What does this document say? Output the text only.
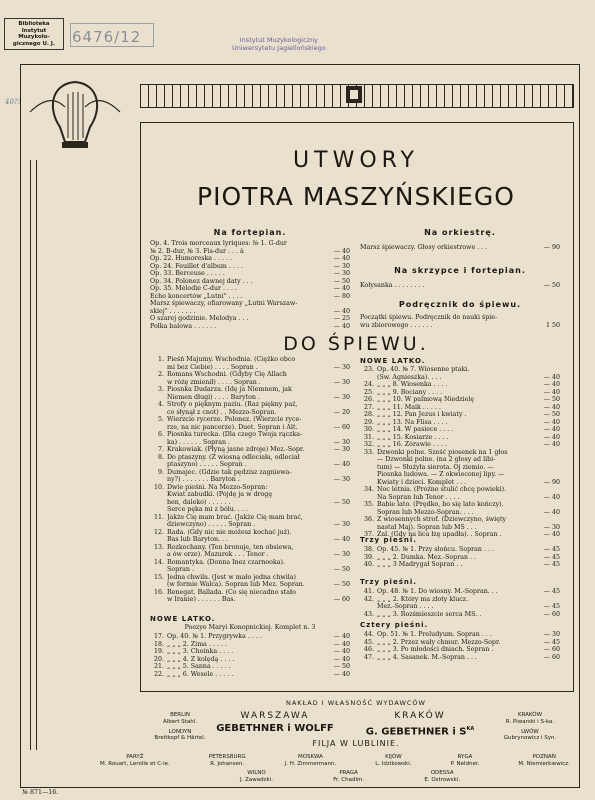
Biblioteka
Instytut
Muzykolo-
gicznego U. J.	6476/12	Instytut Muzykologiczny
Uniwersytetu Jagiellońskiego
40??
UTWORY
PIOTRA MASZYŃSKIEGO
Na fortepian.
Op. 4. Trois morceaux lyriques: № 1. G-dur
№ 2. B-dur, № 3. Fis-dur . . . à	— 40
Op. 22. Humoreska . . . . .	— 40
Op. 24. Feuillet d'album . . . .	— 30
Op. 33. Berceuse . . . . .	— 30
Op. 34. Polonez dawnej daty . . .	— 50
Op. 35. Mélodie C-dur . . . .	— 40
Echo koncertów „Lutni" . . . .	— 80
Marsz śpiewaczy, ofiarowany „Lutni Warszaw-
skiej" . . . . . . .	— 40
O szarej godzinie. Melodya . . .	— 25
Polka balowa . . . . . .	— 40
Na orkiestrę.
Marsz śpiewaczy. Głosy orkiestrowe . . .	— 90
Na skrzypce i fortepian.
Kołysanka . . . . . . . .	— 50
Podręcznik do śpiewu.
Początki śpiewu. Podręcznik do nauki śpie-
wu zbiorowego . . . . . .	1 50
DO ŚPIEWU.
1. Pieśń Majumy. Wschodnia. (Ciężko obco
mi bez Ciebie) . . . . Sopran .	— 30
2. Romans Wschodni. (Gdyby Cię Allach
w różę zmienił) . . . . Sopran .	— 30
3. Piosnka Dudarza. (Idę ja Niemnem, jak
Niemen długi) . . . . Baryton .	— 30
4. Strofy o pięknym paziu. (Raz piękny paź,
co słynął z cnót) . . Mezzo-Sopran.	— 20
5. Wierzcie rycerze. Polonez. (Wierzcie ryce-
rze, na nic pancerze). Duet. Sopran i Alt.	— 60
6. Piosnka turecka. (Dla czego Twoja rączka-
ka) . . . . . . Sopran .	— 30
7. Krakowiak. (Płyną jasne zdroje) Mez.-Sopr.	— 30
8. Do ptaszyny. (Z wiosną odleciała, odleciał
ptaszyno) . . . . . Sopran .	— 40
9. Dumajec. (Gdzie tak pędzisz zagniewa-
ny?) . . . . . . . Baryton .	— 30
10. Dwie pieśni. Na Mezzo-Sopran:
Kwiat zabudki. (Pójdę ja w drogę
hen, daleko) . . . . . .	— 50
Serce pęka mi z bólu. . . .
11. Jakże Cię mam brać. (Jakże Cię mam brać,
dziewczyno) . . . . . Sopran .	— 30
12. Rada. (Gdy nic nie możesz kochać już).
Bas lub Baryton. . .	— 40
13. Rozkochany. (Ten bronuje, ten obsiewa,
a ów orze). Mazurek . . . Tenor .	— 30
14. Romantyka. (Donna Inez czarnooka).
Sopran .	— 50
15. Jedna chwila. (Jest w mało jedna chwila)
(w formie Walca). Sopran lub Mez. Sopran.	— 50
16. Renegat. Ballada. (Co się niecadno stało
w Iranie) . . . . . . Bas.	— 60
NOWE LATKO.
Poezye Maryi Konopnickiej. Komplet n. 3
17. Op. 40. № 1. Przygrywka . . . .	— 40
18. „ „ „ 2. Zima . . . . .	— 40
19. „ „ „ 3. Choinka . . . .	— 40
20. „ „ „ 4. Z kolędą . . . .	— 40
21. „ „ „ 5. Sanna . . . . .	— 50
22. „ „ „ 6. Wesele . . . . .	— 40
NOWE LATKO.
23. Op. 40. № 7. Wiosenne ptaki.
(Św. Agnieszka). . . .	— 40
24. „ „ „ 8. Wiosenka . . . .	— 40
25. „ „ „ 9. Bociany . . . .	— 40
26. „ „ „ 10. W palmową Niedzielę	— 50
27. „ „ „ 11. Maik . . . . .	— 40
28. „ „ „ 12. Pan Jezus i kwiaty .	— 50
29. „ „ „ 13. Na Flisa . . . .	— 40
30. „ „ „ 14. W pasiece . . . .	— 40
31. „ „ „ 15. Kosiarze . . . .	— 40
32. „ „ „ 16. Żórawie . . . .	— 40
33. Dzwonki polne. Sześć piosenek na 1 głos
— Dzwonki polne. (na 2 głosy ad libi-
tum) — Służyła sierota. Oj ziemio. —
Piosnka ludowa. — Z okwieconej lipy. —
Kwiaty i dzieci. Komplet . . .	— 90
34. Noc letnia. (Próżno stulić chcę powieki).
Na Sopran lub Tenor . . . .	— 40
35. Babie lato. (Prędko, bo się lato kończy).
Sopran lub Mezzo-Sopran. . . .	— 40
36. Z wiosennych strof. (Dziewczyno, święty
nastał Maj). Sopran lub MS . . .	— 30
37. Żal. (Gdy na lica łzę upadła). . Sopran .	— 40
Trzy pieśni.
38. Op. 45. № 1. Przy słońcu. Sopran . . .	— 45
39. „ „ „ 2. Dumka. Mez.-Sopran . .	— 45
40. „ „ „ 3 Madrygał Sopran . .	— 45
Trzy pieśni.
41. Op. 48. № 1. Do wiosny. M.-Sopran. . .	— 45
42. „ „ „ 2. Który ma złoty klucz.
Mez.-Sopran . . . .	— 45
43. „ „ „ 3. Rozśmieszcie serca MS. .	— 60
Cztery pieśni.
44. Op. 51. № 1. Preludyum. Sopran . . .	— 30
45. „ „ „ 2. Przez wały chmur. Mezzo-Sopr.	— 45
46. „ „ „ 3. Po młodości dniach. Sopran .	— 60
47. „ „ „ 4. Sasanek. M.-Sopran . . .	— 60
NAKŁAD I WŁASNOŚĆ WYDAWCÓW
BERLIN
Albert Stahl.
LONDYN
Breitkopf & Härtel.
WARSZAWA
GEBETHNER i WOLFF
KRAKÓW
G. GEBETHNER i $S^{KA}$
KRAKÓW
R. Piwarski i S-ka.
LWÓW
Gubrynowicz i Syn.
FILJA W LUBLINIE.
PARYŻ
M. Rouart, Lerolle et C-ie.
PETERSBURG
R. Johansen.
MOSKWA
J. H. Zimmermann.
KIJÓW
L. Idzikowski.
RYGA
P. Neldner.
POZNAŃ
M. Niemierkiewicz.
WILNO
J. Zawadzki.
PRAGA
Fr. Chadim.
ODESSA
E. Ostrowski.
№ 871—16.
